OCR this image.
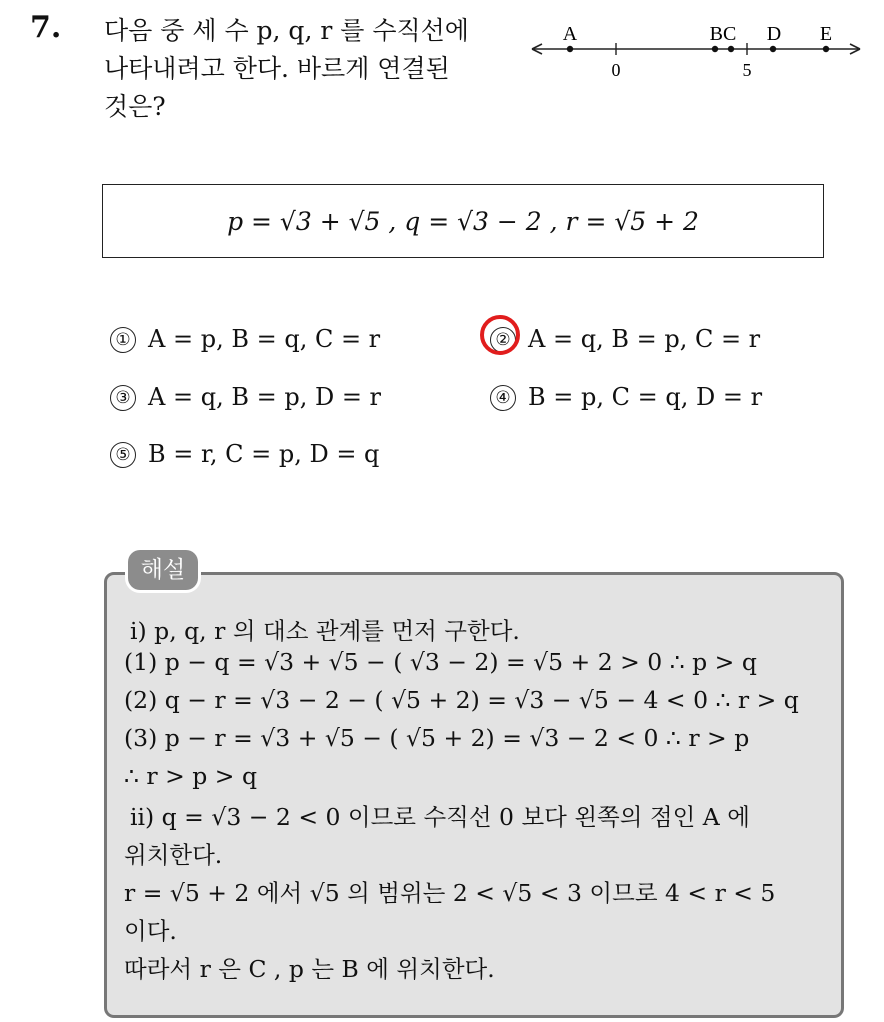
7. 다음 중 세 수 p, q, r 를 수직선에
나타내려고 한다. 바르게 연결된
것은?
A	BC D E
0	5
p = √3 + √5 , q = √3 − 2 , r = √5 + 2
① A = p, B = q, C = r	② A = q, B = p, C = r
③ A = q, B = p, D = r	④ B = p, C = q, D = r
⑤ B = r, C = p, D = q
해설
ⅰ) p, q, r 의 대소 관계를 먼저 구한다.
(1) p − q = √3 + √5 − ( √3 − 2) = √5 + 2 > 0 ∴ p > q
(2) q − r = √3 − 2 − ( √5 + 2) = √3 − √5 − 4 < 0 ∴ r > q
(3) p − r = √3 + √5 − ( √5 + 2) = √3 − 2 < 0 ∴ r > p
∴ r > p > q
ⅱ) q = √3 − 2 < 0 이므로 수직선 0 보다 왼쪽의 점인 A 에
위치한다.
r = √5 + 2 에서 √5 의 범위는 2 < √5 < 3 이므로 4 < r < 5
이다.
따라서 r 은 C , p 는 B 에 위치한다.
